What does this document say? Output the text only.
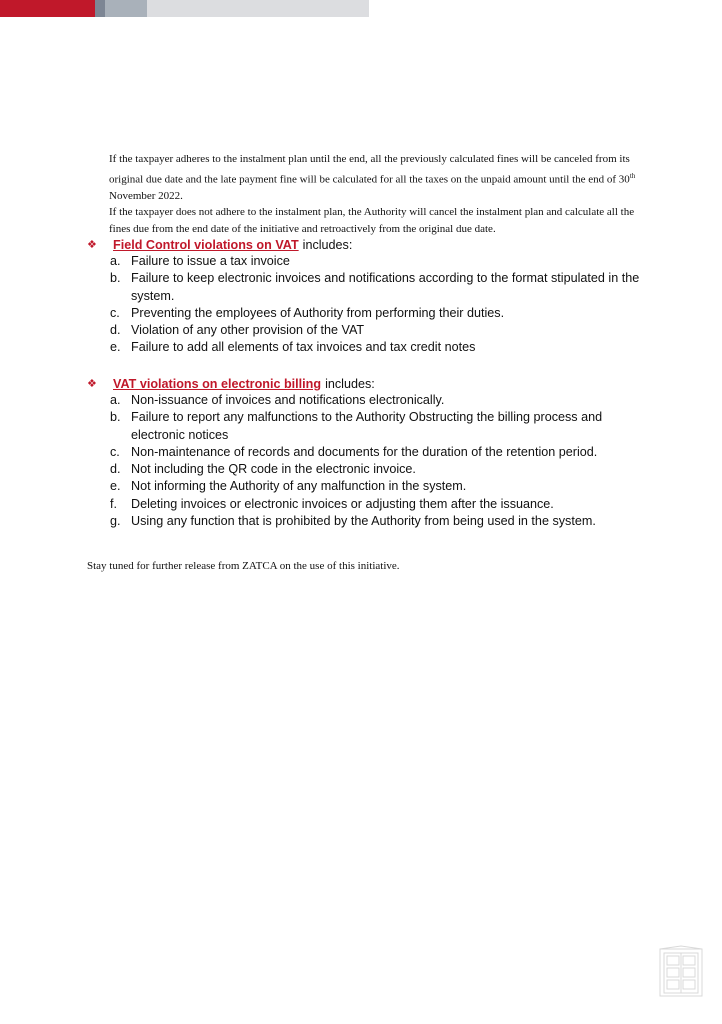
If the taxpayer adheres to the instalment plan until the end, all the previously calculated fines will be canceled from its original due date and the late payment fine will be calculated for all the taxes on the unpaid amount until the end of 30th November 2022.

If the taxpayer does not adhere to the instalment plan, the Authority will cancel the instalment plan and calculate all the fines due from the end date of the initiative and retroactively from the original due date.

❖	Field Control violations on VAT includes:
a. Failure to issue a tax invoice
b. Failure to keep electronic invoices and notifications according to the format stipulated in the system.
c. Preventing the employees of Authority from performing their duties.
d. Violation of any other provision of the VAT
e. Failure to add all elements of tax invoices and tax credit notes
❖	VAT violations on electronic billing includes:
a. Non-issuance of invoices and notifications electronically.
b. Failure to report any malfunctions to the Authority Obstructing the billing process and electronic notices
c. Non-maintenance of records and documents for the duration of the retention period.
d. Not including the QR code in the electronic invoice.
e. Not informing the Authority of any malfunction in the system.
f.	Deleting invoices or electronic invoices or adjusting them after the issuance.
g. Using any function that is prohibited by the Authority from being used in the system.
Stay tuned for further release from ZATCA on the use of this initiative.
